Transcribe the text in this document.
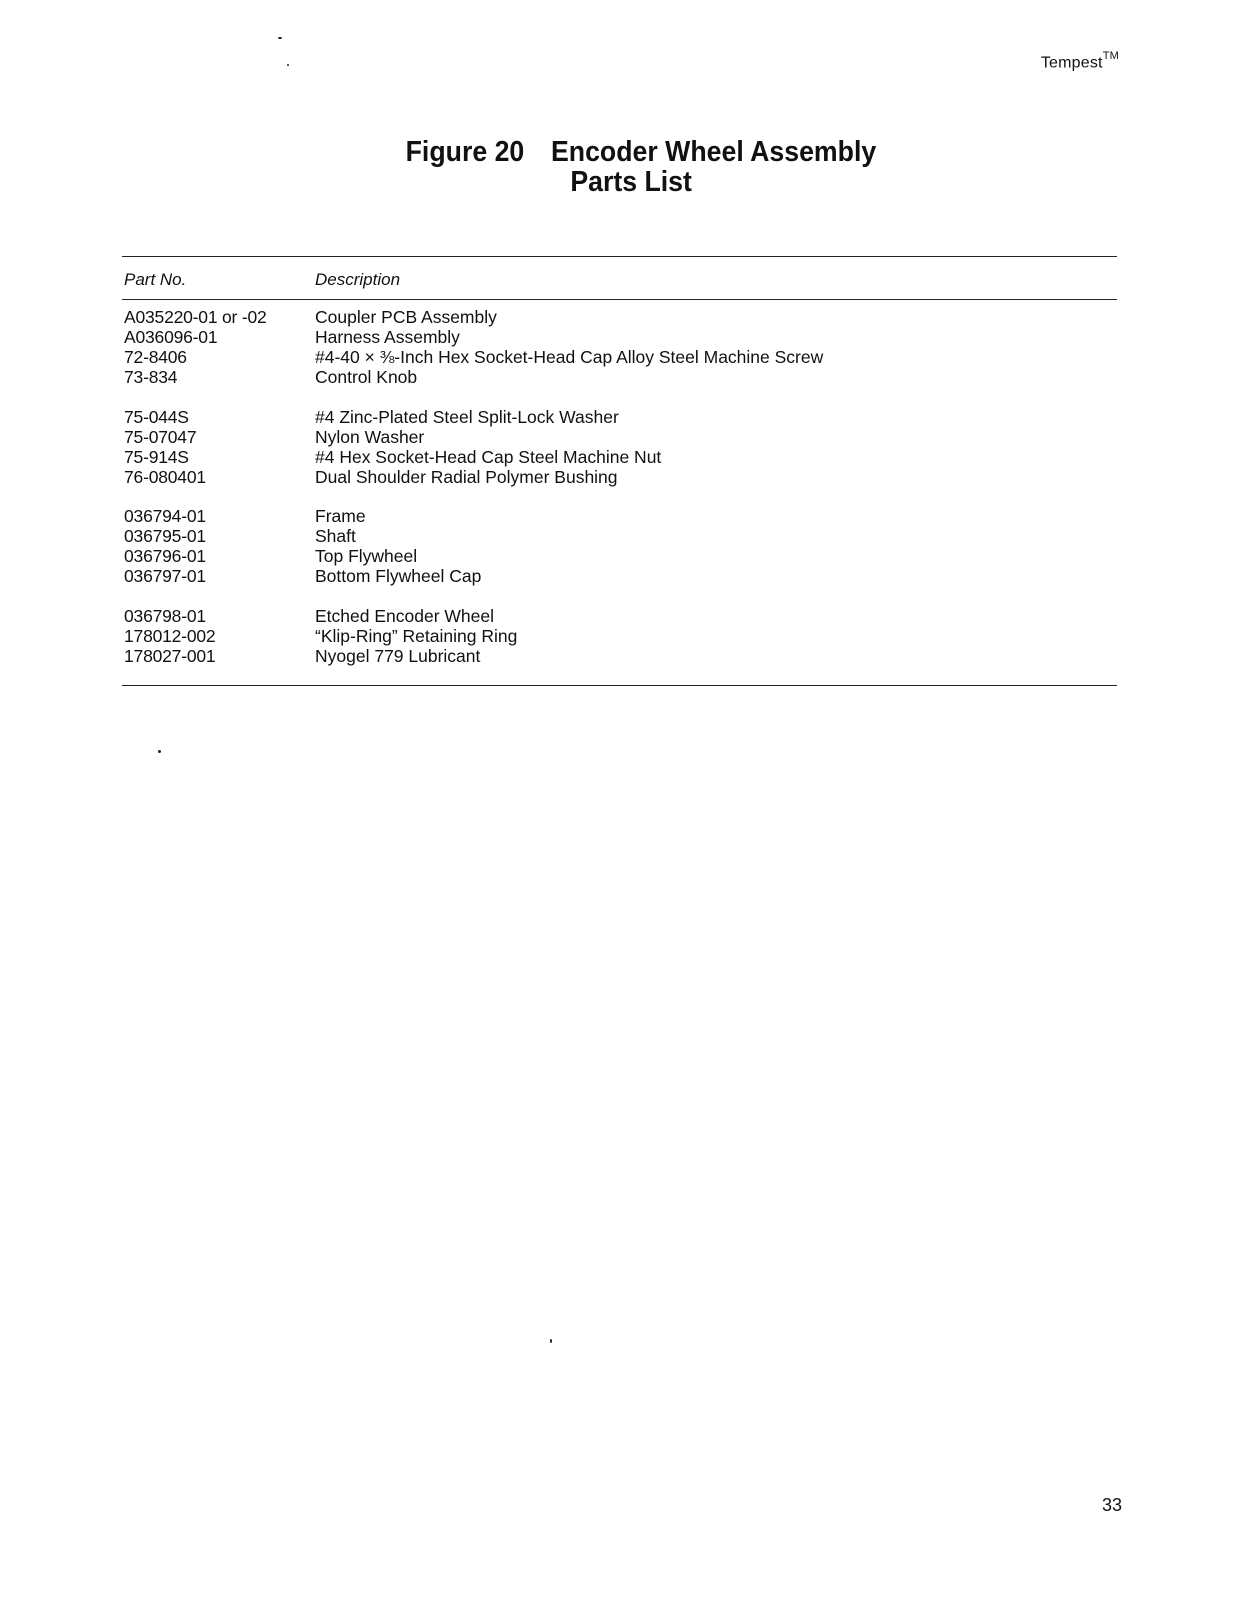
Tempest™
Figure 20 Encoder Wheel Assembly
Parts List
Part No.	Description
A035220-01 or -02	Coupler PCB Assembly
A036096-01	Harness Assembly
72-8406	#4-40 × ⅜-Inch Hex Socket-Head Cap Alloy Steel Machine Screw
73-834	Control Knob
75-044S	#4 Zinc-Plated Steel Split-Lock Washer
75-07047	Nylon Washer
75-914S	#4 Hex Socket-Head Cap Steel Machine Nut
76-080401	Dual Shoulder Radial Polymer Bushing
036794-01	Frame
036795-01	Shaft
036796-01	Top Flywheel
036797-01	Bottom Flywheel Cap
036798-01	Etched Encoder Wheel
178012-002	“Klip-Ring” Retaining Ring
178027-001	Nyogel 779 Lubricant
33
